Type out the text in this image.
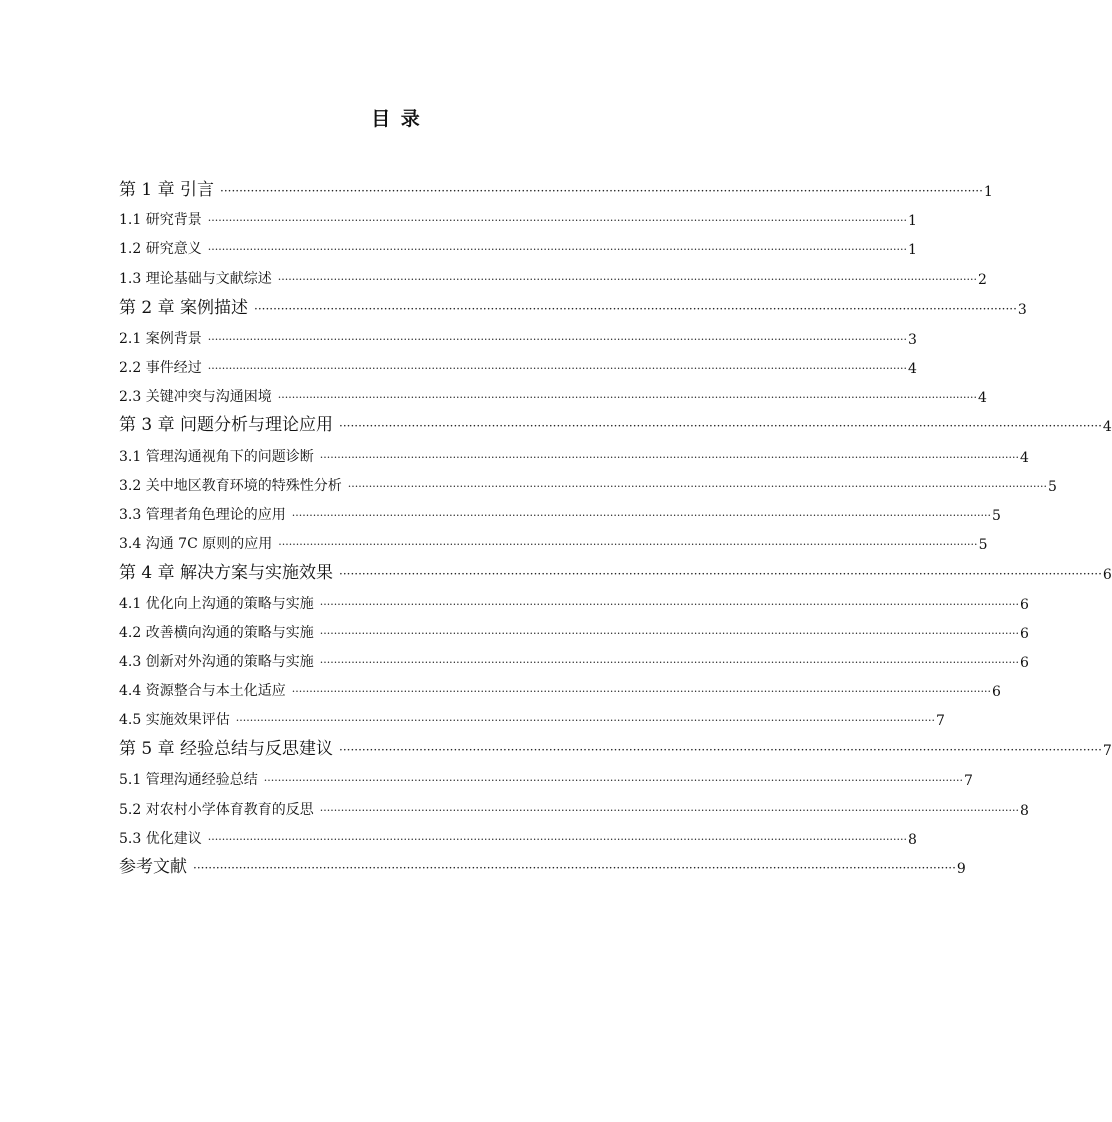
目 录
第 1 章 引言 ········································································································································································································ 1
1.1 研究背景 ········································································································································································································ 1
1.2 研究意义 ········································································································································································································ 1
1.3 理论基础与文献综述 ········································································································································································································ 2
第 2 章 案例描述 ········································································································································································································ 3
2.1 案例背景 ········································································································································································································ 3
2.2 事件经过 ········································································································································································································ 4
2.3 关键冲突与沟通困境 ········································································································································································································ 4
第 3 章 问题分析与理论应用 ········································································································································································································ 4
3.1 管理沟通视角下的问题诊断 ········································································································································································································ 4
3.2 关中地区教育环境的特殊性分析 ········································································································································································································ 5
3.3 管理者角色理论的应用 ········································································································································································································ 5
3.4 沟通 7C 原则的应用 ········································································································································································································ 5
第 4 章 解决方案与实施效果 ········································································································································································································ 6
4.1 优化向上沟通的策略与实施 ········································································································································································································ 6
4.2 改善横向沟通的策略与实施 ········································································································································································································ 6
4.3 创新对外沟通的策略与实施 ········································································································································································································ 6
4.4 资源整合与本土化适应 ········································································································································································································ 6
4.5 实施效果评估 ········································································································································································································ 7
第 5 章 经验总结与反思建议 ········································································································································································································ 7
5.1 管理沟通经验总结 ········································································································································································································ 7
5.2 对农村小学体育教育的反思 ········································································································································································································ 8
5.3 优化建议 ········································································································································································································ 8
参考文献 ········································································································································································································ 9
